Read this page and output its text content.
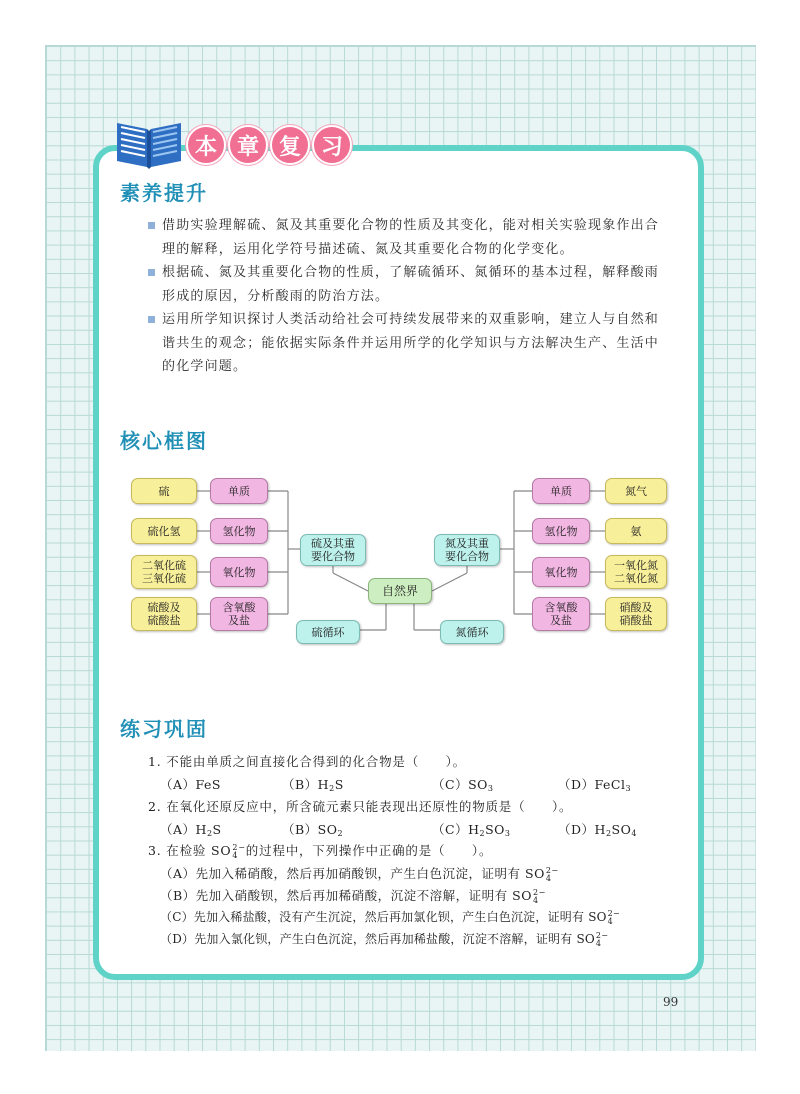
本 章 复 习
素养提升
借助实验理解硫、氮及其重要化合物的性质及其变化，能对相关实验现象作出合
理的解释，运用化学符号描述硫、氮及其重要化合物的化学变化。
根据硫、氮及其重要化合物的性质，了解硫循环、氮循环的基本过程，解释酸雨
形成的原因，分析酸雨的防治方法。
运用所学知识探讨人类活动给社会可持续发展带来的双重影响，建立人与自然和
谐共生的观念；能依据实际条件并运用所学的化学知识与方法解决生产、生活中
的化学问题。
核心框图
硫
硫化氢
二氧化硫
三氧化硫
硫酸及
硫酸盐
单质
氢化物
氧化物
含氧酸
及盐
硫及其重
要化合物
氮及其重
要化合物
自然界
硫循环	氮循环
单质
氢化物
氧化物
含氧酸
及盐
氮气
氨
一氧化氮
二氧化氮
硝酸及
硝酸盐
练习巩固
1. 不能由单质之间直接化合得到的化合物是（　　）。
（A）FeS	$(B)H_2S$	$(C)SO_3$	（D）FeCl$_3$
2. 在氧化还原反应中，所含硫元素只能表现出还原性的物质是（　　）。
$(A)H_2S$	$(B)SO_2$	$(C)H_2SO_3$	$(D)H_2SO_4$
3. 在检验 SO 2−
4 的过程中，下列操作中正确的是（　　）。
（A）先加入稀硝酸，然后再加硝酸钡，产生白色沉淀，证明有 SO 2−
4
（B）先加入硝酸钡，然后再加稀硝酸，沉淀不溶解，证明有 SO 2−
4
（C）先加入稀盐酸，没有产生沉淀，然后再加氯化钡，产生白色沉淀，证明有 SO 2−
4
（D）先加入氯化钡，产生白色沉淀，然后再加稀盐酸，沉淀不溶解，证明有 SO 2−
4
99
